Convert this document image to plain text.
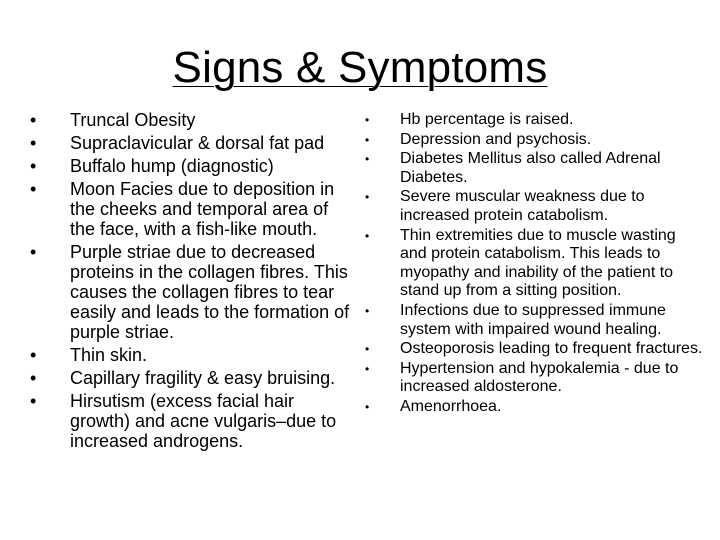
Signs & Symptoms
• Truncal Obesity
• Supraclavicular & dorsal fat pad
• Buffalo hump (diagnostic)
• Moon Facies due to deposition in the cheeks and temporal area of the face, with a fish-like mouth.
• Purple striae due to decreased proteins in the collagen fibres. This causes the collagen fibres to tear easily and leads to the formation of purple striae.
• Thin skin.
• Capillary fragility & easy bruising.
• Hirsutism (excess facial hair growth) and acne vulgaris–due to increased androgens.
• Hb percentage is raised.
• Depression and psychosis.
• Diabetes Mellitus also called Adrenal Diabetes.
• Severe muscular weakness due to increased protein catabolism.
• Thin extremities due to muscle wasting and protein catabolism. This leads to myopathy and inability of the patient to stand up from a sitting position.
• Infections due to suppressed immune system with impaired wound healing.
• Osteoporosis leading to frequent fractures.
• Hypertension and hypokalemia - due to increased aldosterone.
• Amenorrhoea.
